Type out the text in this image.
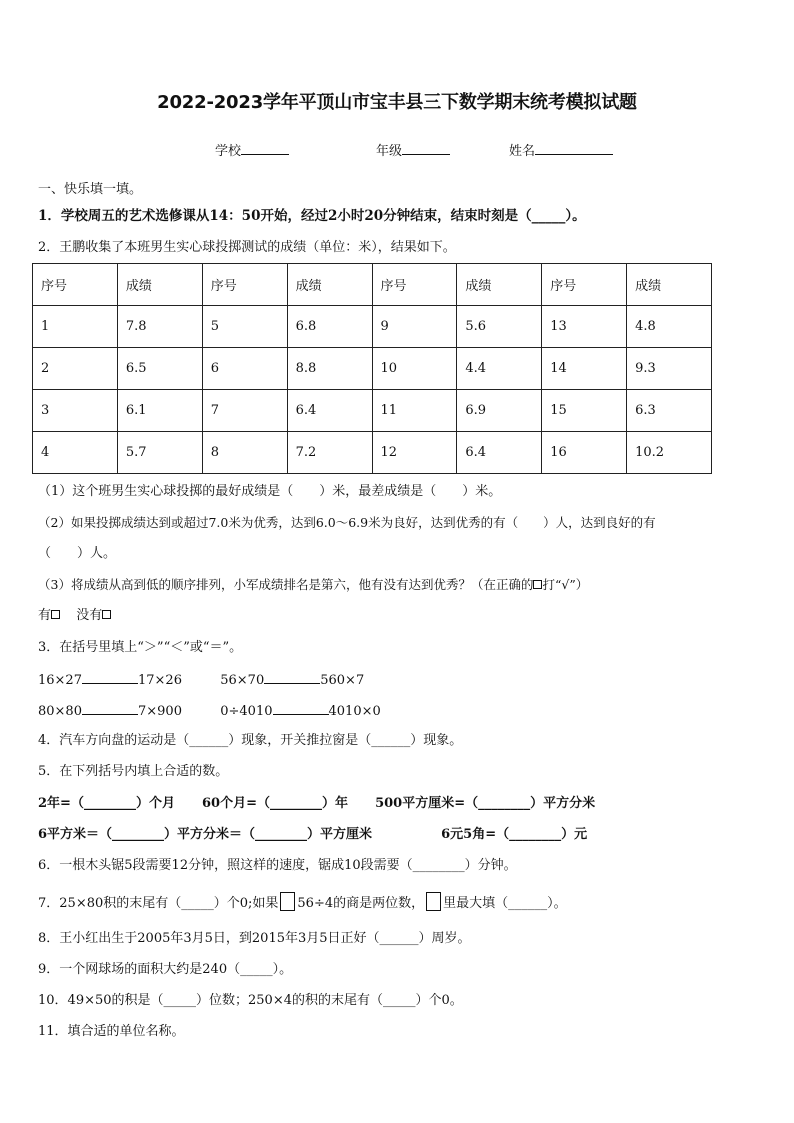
2022-2023学年平顶山市宝丰县三下数学期末统考模拟试题
学校	年级	姓名
一、快乐填一填。
1．学校周五的艺术选修课从14：50开始，经过2小时20分钟结束，结束时刻是（_____）。
2．王鹏收集了本班男生实心球投掷测试的成绩（单位：米），结果如下。
序号	成绩	序号	成绩	序号	成绩	序号	成绩
1	7.8	5	6.8	9	5.6	13	4.8
2	6.5	6	8.8	10	4.4	14	9.3
3	6.1	7	6.4	11	6.9	15	6.3
4	5.7	8	7.2	12	6.4	16	10.2
（1）这个班男生实心球投掷的最好成绩是（　　）米，最差成绩是（　　）米。
（2）如果投掷成绩达到或超过7.0米为优秀，达到6.0～6.9米为良好，达到优秀的有（　　）人，达到良好的有
（　　）人。
（3）将成绩从高到低的顺序排列，小军成绩排名是第六，他有没有达到优秀？（在正确的 打“√”）
有 没有
3．在括号里填上“＞”“＜”或“＝”。
16×27	17×26	56×70	560×7
80×80	7×900	0÷4010	4010×0
4．汽车方向盘的运动是（______）现象，开关推拉窗是（______）现象。
5．在下列括号内填上合适的数。
2年=（________）个月 60个月=（________）年 500平方厘米=（________）平方分米
6平方米＝（________）平方分米＝（________）平方厘米	6元5角=（________）元
6．一根木头锯5段需要12分钟，照这样的速度，锯成10段需要（________）分钟。
7．25×80积的末尾有（_____）个0;如果 56÷4的商是两位数， 里最大填（______）。
8．王小红出生于2005年3月5日，到2015年3月5日正好（______）周岁。
9．一个网球场的面积大约是240（_____）。
10．49×50的积是（_____）位数；250×4的积的末尾有（_____）个0。
11．填合适的单位名称。
